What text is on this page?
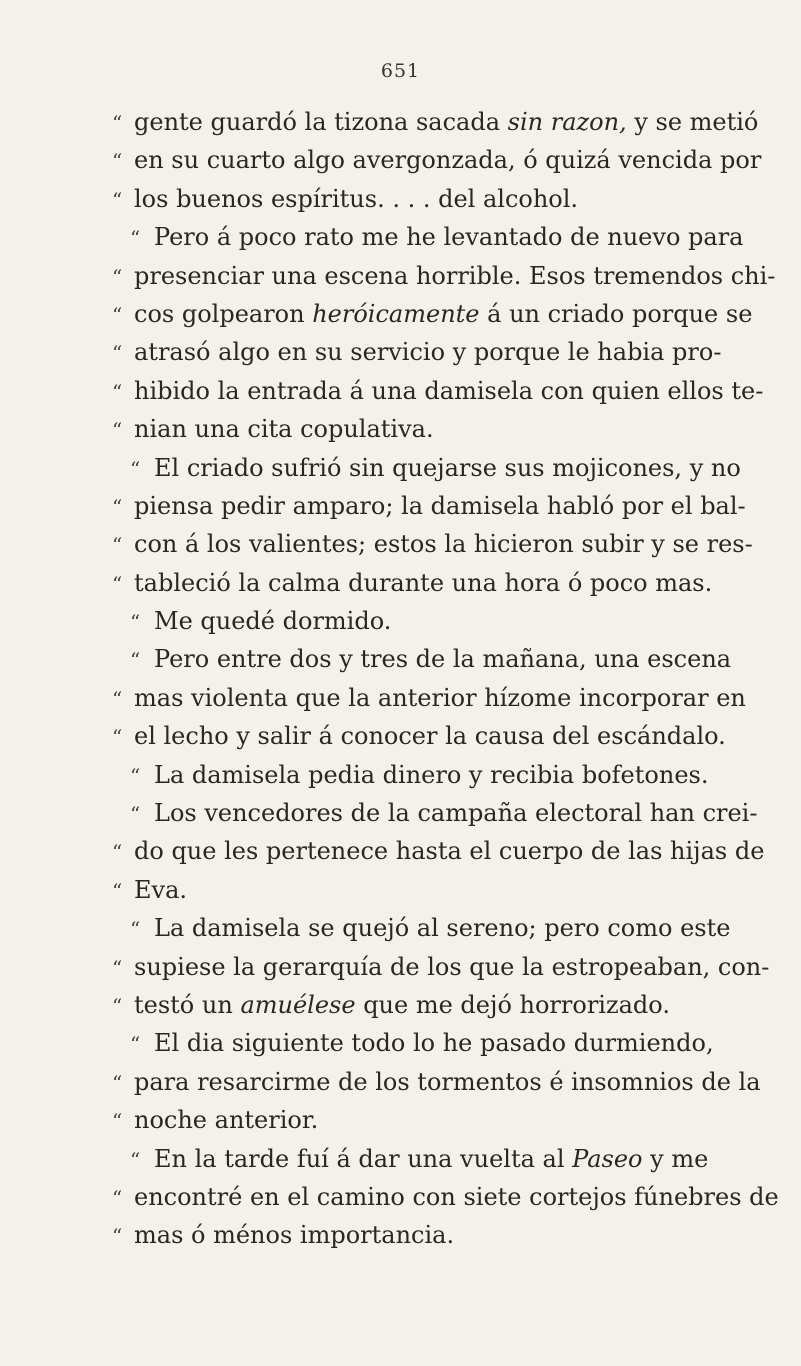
651
“ gente guardó la tizona sacada sin razon, y se metió
“ en su cuarto algo avergonzada, ó quizá vencida por
“ los buenos espíritus. . . . del alcohol.
“ Pero á poco rato me he levantado de nuevo para
“ presenciar una escena horrible. Esos tremendos chi-
“ cos golpearon heróicamente á un criado porque se
“ atrasó algo en su servicio y porque le habia pro-
“ hibido la entrada á una damisela con quien ellos te-
“ nian una cita copulativa.
“ El criado sufrió sin quejarse sus mojicones, y no
“ piensa pedir amparo; la damisela habló por el bal-
“ con á los valientes; estos la hicieron subir y se res-
“ tableció la calma durante una hora ó poco mas.
“ Me quedé dormido.
“ Pero entre dos y tres de la mañana, una escena
“ mas violenta que la anterior hízome incorporar en
“ el lecho y salir á conocer la causa del escándalo.
“ La damisela pedia dinero y recibia bofetones.
“ Los vencedores de la campaña electoral han crei-
“ do que les pertenece hasta el cuerpo de las hijas de
“ Eva.
“ La damisela se quejó al sereno; pero como este
“ supiese la gerarquía de los que la estropeaban, con-
“ testó un amuélese que me dejó horrorizado.
“ El dia siguiente todo lo he pasado durmiendo,
“ para resarcirme de los tormentos é insomnios de la
“ noche anterior.
“ En la tarde fuí á dar una vuelta al Paseo y me
“ encontré en el camino con siete cortejos fúnebres de
“ mas ó ménos importancia.
